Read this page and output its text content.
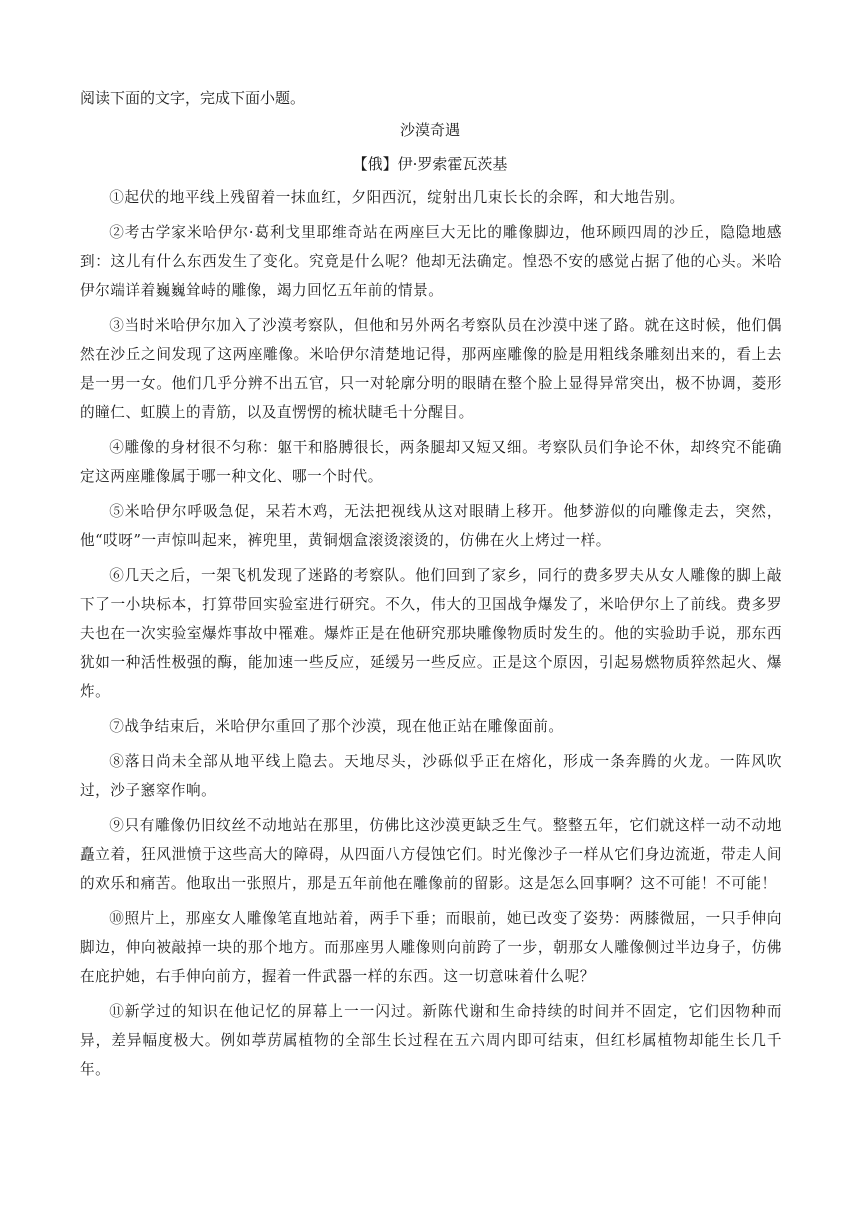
阅读下面的文字，完成下面小题。
沙漠奇遇
【俄】伊·罗索霍瓦茨基

①起伏的地平线上残留着一抹血红，夕阳西沉，绽射出几束长长的余晖，和大地告别。

②考古学家米哈伊尔·葛利戈里耶维奇站在两座巨大无比的雕像脚边，他环顾四周的沙丘，隐隐地感到：这儿有什么东西发生了变化。究竟是什么呢？他却无法确定。惶恐不安的感觉占据了他的心头。米哈伊尔端详着巍巍耸峙的雕像，竭力回忆五年前的情景。

③当时米哈伊尔加入了沙漠考察队，但他和另外两名考察队员在沙漠中迷了路。就在这时候，他们偶然在沙丘之间发现了这两座雕像。米哈伊尔清楚地记得，那两座雕像的脸是用粗线条雕刻出来的，看上去是一男一女。他们几乎分辨不出五官，只一对轮廓分明的眼睛在整个脸上显得异常突出，极不协调，菱形的瞳仁、虹膜上的青筋，以及直愣愣的梳状睫毛十分醒目。

④雕像的身材很不匀称：躯干和胳膊很长，两条腿却又短又细。考察队员们争论不休，却终究不能确定这两座雕像属于哪一种文化、哪一个时代。

⑤米哈伊尔呼吸急促，呆若木鸡，无法把视线从这对眼睛上移开。他梦游似的向雕像走去，突然，他“哎呀”一声惊叫起来，裤兜里，黄铜烟盒滚烫滚烫的，仿佛在火上烤过一样。

⑥几天之后，一架飞机发现了迷路的考察队。他们回到了家乡，同行的费多罗夫从女人雕像的脚上敲下了一小块标本，打算带回实验室进行研究。不久，伟大的卫国战争爆发了，米哈伊尔上了前线。费多罗夫也在一次实验室爆炸事故中罹难。爆炸正是在他研究那块雕像物质时发生的。他的实验助手说，那东西犹如一种活性极强的酶，能加速一些反应，延缓另一些反应。正是这个原因，引起易燃物质猝然起火、爆炸。

⑦战争结束后，米哈伊尔重回了那个沙漠，现在他正站在雕像面前。

⑧落日尚未全部从地平线上隐去。天地尽头，沙砾似乎正在熔化，形成一条奔腾的火龙。一阵风吹过，沙子窸窣作响。

⑨只有雕像仍旧纹丝不动地站在那里，仿佛比这沙漠更缺乏生气。整整五年，它们就这样一动不动地矗立着，狂风泄愤于这些高大的障碍，从四面八方侵蚀它们。时光像沙子一样从它们身边流逝，带走人间的欢乐和痛苦。他取出一张照片，那是五年前他在雕像前的留影。这是怎么回事啊？这不可能！不可能！

⑩照片上，那座女人雕像笔直地站着，两手下垂；而眼前，她已改变了姿势：两膝微屈，一只手伸向脚边，伸向被敲掉一块的那个地方。而那座男人雕像则向前跨了一步，朝那女人雕像侧过半边身子，仿佛在庇护她，右手伸向前方，握着一件武器一样的东西。这一切意味着什么呢？

⑪新学过的知识在他记忆的屏幕上一一闪过。新陈代谢和生命持续的时间并不固定，它们因物种而异，差异幅度极大。例如葶苈属植物的全部生长过程在五六周内即可结束，但红杉属植物却能生长几千年。
